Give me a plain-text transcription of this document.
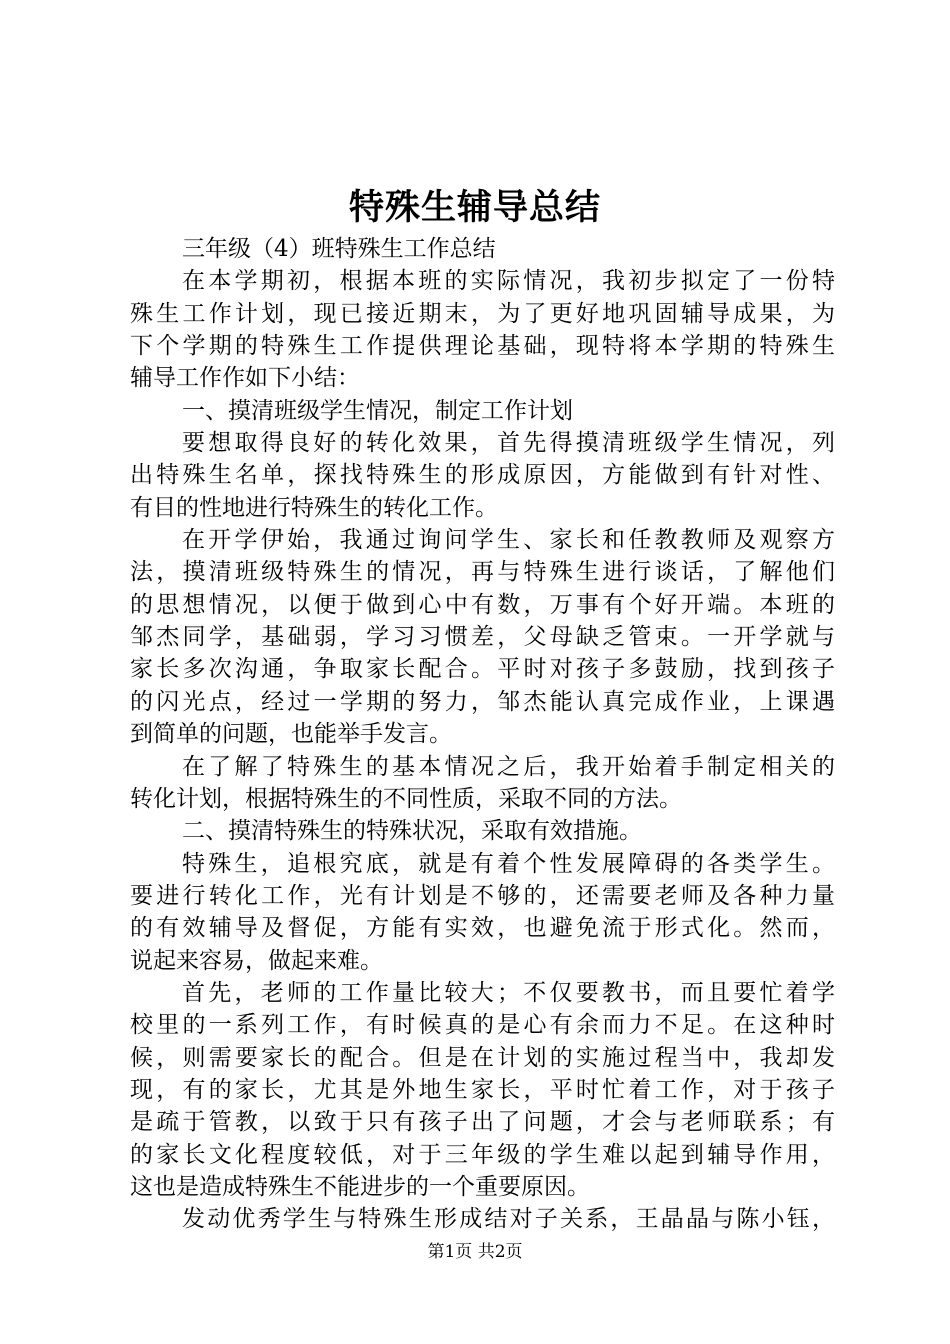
特殊生辅导总结
三年级（4）班特殊生工作总结
在本学期初，根据本班的实际情况，我初步拟定了一份特
殊生工作计划，现已接近期末，为了更好地巩固辅导成果，为
下个学期的特殊生工作提供理论基础，现特将本学期的特殊生
辅导工作作如下小结：
一、摸清班级学生情况，制定工作计划
要想取得良好的转化效果，首先得摸清班级学生情况，列
出特殊生名单，探找特殊生的形成原因，方能做到有针对性、
有目的性地进行特殊生的转化工作。
在开学伊始，我通过询问学生、家长和任教教师及观察方
法，摸清班级特殊生的情况，再与特殊生进行谈话，了解他们
的思想情况，以便于做到心中有数，万事有个好开端。本班的
邹杰同学，基础弱，学习习惯差，父母缺乏管束。一开学就与
家长多次沟通，争取家长配合。平时对孩子多鼓励，找到孩子
的闪光点，经过一学期的努力，邹杰能认真完成作业，上课遇
到简单的问题，也能举手发言。
在了解了特殊生的基本情况之后，我开始着手制定相关的
转化计划，根据特殊生的不同性质，采取不同的方法。
二、摸清特殊生的特殊状况，采取有效措施。
特殊生，追根究底，就是有着个性发展障碍的各类学生。
要进行转化工作，光有计划是不够的，还需要老师及各种力量
的有效辅导及督促，方能有实效，也避免流于形式化。然而，
说起来容易，做起来难。
首先，老师的工作量比较大；不仅要教书，而且要忙着学
校里的一系列工作，有时候真的是心有余而力不足。在这种时
候，则需要家长的配合。但是在计划的实施过程当中，我却发
现，有的家长，尤其是外地生家长，平时忙着工作，对于孩子
是疏于管教，以致于只有孩子出了问题，才会与老师联系；有
的家长文化程度较低，对于三年级的学生难以起到辅导作用，
这也是造成特殊生不能进步的一个重要原因。
发动优秀学生与特殊生形成结对子关系，王晶晶与陈小钰，
第1页 共2页
